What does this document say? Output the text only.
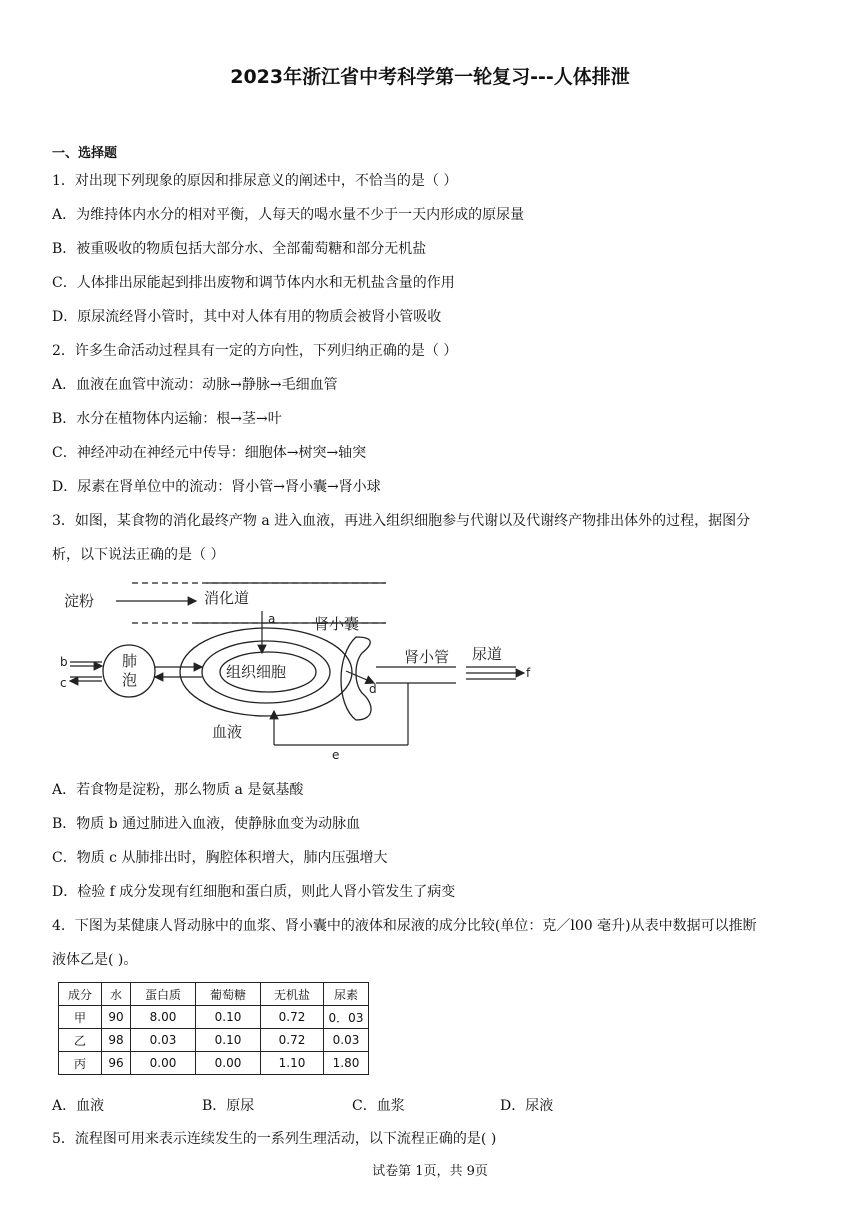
2023年浙江省中考科学第一轮复习---人体排泄
一、选择题
1．对出现下列现象的原因和排尿意义的阐述中，不恰当的是（ ）
A．为维持体内水分的相对平衡，人每天的喝水量不少于一天内形成的原尿量
B．被重吸收的物质包括大部分水、全部葡萄糖和部分无机盐
C．人体排出尿能起到排出废物和调节体内水和无机盐含量的作用
D．原尿流经肾小管时，其中对人体有用的物质会被肾小管吸收
2．许多生命活动过程具有一定的方向性，下列归纳正确的是（ ）
A．血液在血管中流动：动脉→静脉→毛细血管
B．水分在植物体内运输：根→茎→叶
C．神经冲动在神经元中传导：细胞体→树突→轴突
D．尿素在肾单位中的流动：肾小管→肾小囊→肾小球
3．如图，某食物的消化最终产物 a 进入血液，再进入组织细胞参与代谢以及代谢终产物排出体外的过程，据图分
析，以下说法正确的是（ ）
淀粉	消化道
a
组织细胞
血液
肺
泡
b
c	d
肾小囊
肾小管 尿道
f
e
A．若食物是淀粉，那么物质 a 是氨基酸
B．物质 b 通过肺进入血液，使静脉血变为动脉血
C．物质 c 从肺排出时，胸腔体积增大，肺内压强增大
D．检验 f 成分发现有红细胞和蛋白质，则此人肾小管发生了病变
4．下图为某健康人肾动脉中的血浆、肾小囊中的液体和尿液的成分比较(单位：克／l00 毫升)从表中数据可以推断
液体乙是( )。
成分	水	蛋白质	葡萄糖	无机盐	尿素
甲	90	8.00	0.10	0.72	0．03
乙	98	0.03	0.10	0.72	0.03
丙	96	0.00	0.00	1.10	1.80
A．血液	B．原尿	C．血浆	D．尿液
5．流程图可用来表示连续发生的一系列生理活动，以下流程正确的是( )
试卷第 1页，共 9页
